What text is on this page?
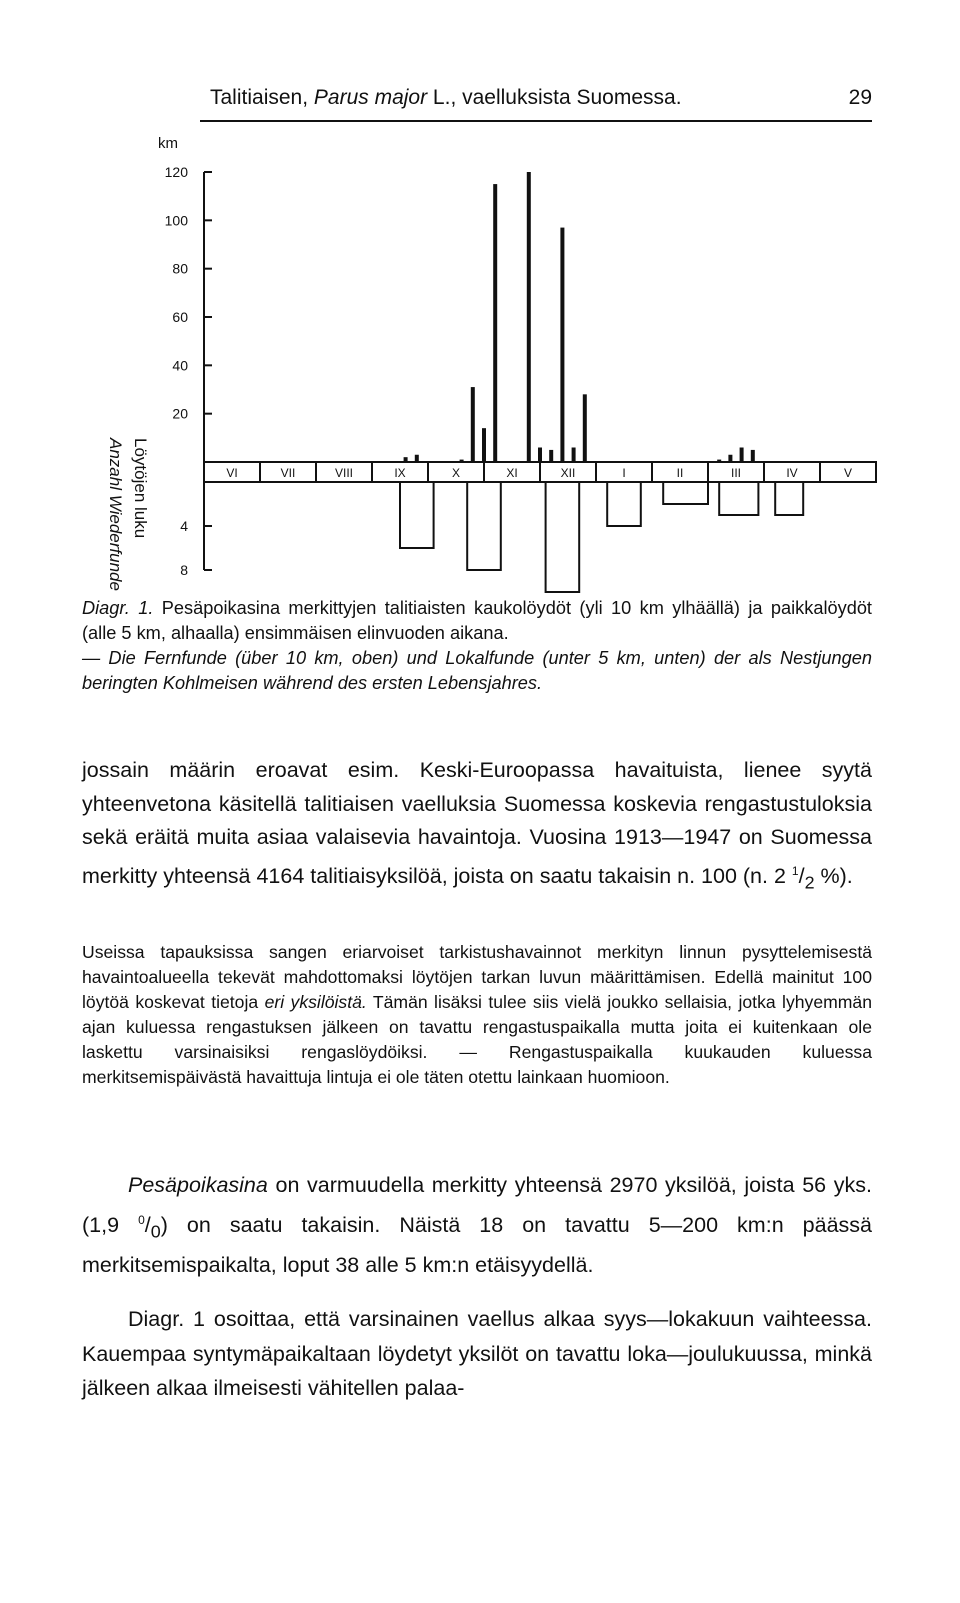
Talitiaisen, Parus major L., vaelluksista Suomessa.	29
120
100
80
60
40
20
4
8
VI	VII	VIII	IX	X	XI	XII	I	II	III	IV	V
km
Löytöjen luku
Anzahl Wiederfunde

Diagr. 1. Pesäpoikasina merkittyjen talitiaisten kaukolöydöt (yli 10 km ylhäällä) ja paikkalöydöt (alle 5 km, alhaalla) ensimmäisen elinvuoden aikana.

— Die Fernfunde (über 10 km, oben) und Lokalfunde (unter 5 km, unten) der als Nestjungen beringten Kohlmeisen während des ersten Lebensjahres.

jossain määrin eroavat esim. Keski-Euroopassa havaituista, lienee syytä yhteenvetona käsitellä talitiaisen vaelluksia Suomessa koskevia rengastustuloksia sekä eräitä muita asiaa valaisevia havaintoja. Vuosina 1913—1947 on Suomessa merkitty yhteensä 4164 talitiaisyksilöä, joista on saatu takaisin n. 100 (n. 2 $^1/_2$ %).

Useissa tapauksissa sangen eriarvoiset tarkistushavainnot merkityn linnun pysyttelemisestä havaintoalueella tekevät mahdottomaksi löytöjen tarkan luvun määrittämisen. Edellä mainitut 100 löytöä koskevat tietoja eri yksilöistä. Tämän lisäksi tulee siis vielä joukko sellaisia, jotka lyhyemmän ajan kuluessa rengastuksen jälkeen on tavattu rengastuspaikalla mutta joita ei kuitenkaan ole laskettu varsinaisiksi rengaslöydöiksi. — Rengastuspaikalla kuukauden kuluessa merkitsemispäivästä havaittuja lintuja ei ole täten otettu lainkaan huomioon.

Pesäpoikasina on varmuudella merkitty yhteensä 2970 yksilöä, joista 56 yks. (1,9 $^0/_0$) on saatu takaisin. Näistä 18 on tavattu 5—200 km:n päässä merkitsemispaikalta, loput 38 alle 5 km:n etäisyydellä.

Diagr. 1 osoittaa, että varsinainen vaellus alkaa syys—lokakuun vaihteessa. Kauempaa syntymäpaikaltaan löydetyt yksilöt on tavattu loka—joulukuussa, minkä jälkeen alkaa ilmeisesti vähitellen palaa-
